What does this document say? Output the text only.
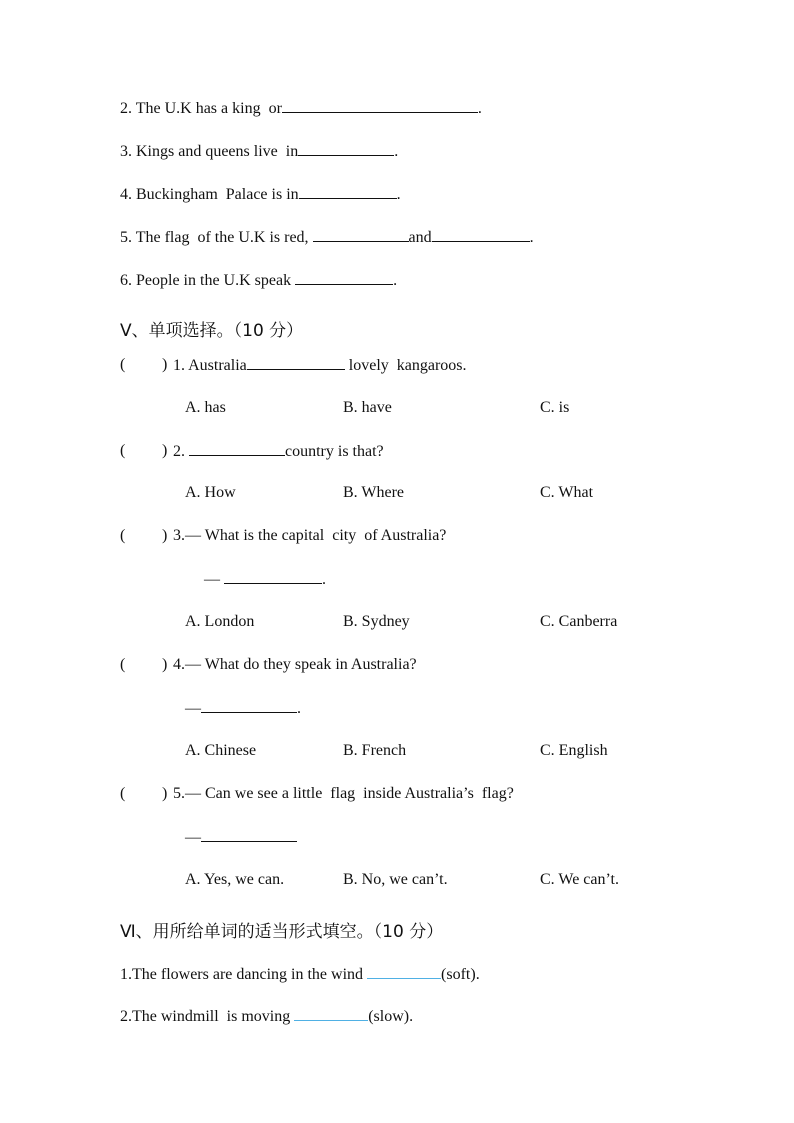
2. The U.K has a king  or	.
3. Kings and queens live  in	.
4. Buckingham  Palace is in	.
5. The flag  of the U.K is red,	and	.
6. People in the U.K speak	.
Ⅴ、单项选择。（10 分）
( ) 1. Australia	lovely  kangaroos.
A. has	B. have	C. is
( ) 2.	country is that?
A. How	B. Where	C. What
( ) 3.— What is the capital  city  of Australia?
—	.
A. London	B. Sydney	C. Canberra
( ) 4.— What do they speak in Australia?
—	.
A. Chinese	B. French	C. English
( ) 5.— Can we see a little  flag  inside Australia’s  flag?
—
A. Yes, we can.	B. No, we can’t.	C. We can’t.
Ⅵ、用所给单词的适当形式填空。（10 分）
1.The flowers are dancing in the wind	(soft).
2.The windmill  is moving	(slow).
